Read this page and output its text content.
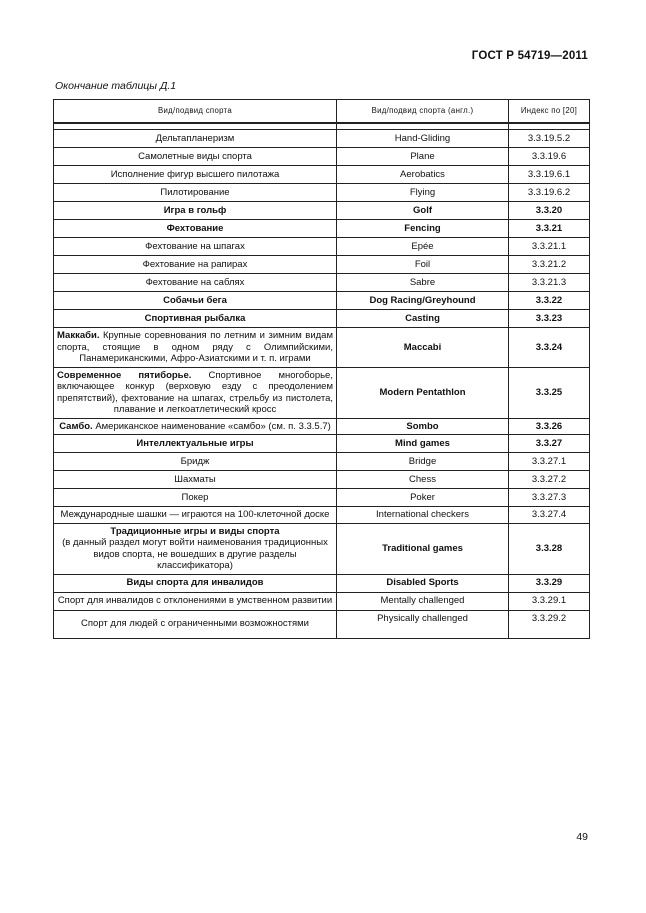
ГОСТ Р 54719—2011
Окончание таблицы Д.1
Вид/подвид спорта	Вид/подвид спорта (англ.)	Индекс по [20]

Дельтапланеризм	Hand-Gliding	3.3.19.5.2
Самолетные виды спорта	Plane	3.3.19.6
Исполнение фигур высшего пилотажа	Aerobatics	3.3.19.6.1
Пилотирование	Flying	3.3.19.6.2
Игра в гольф	Golf	3.3.20
Фехтование	Fencing	3.3.21
Фехтование на шпагах	Epée	3.3.21.1
Фехтование на рапирах	Foil	3.3.21.2
Фехтование на саблях	Sabre	3.3.21.3
Собачьи бега	Dog Racing/Greyhound	3.3.22
Спортивная рыбалка	Casting	3.3.23
Маккаби. Крупные соревнования по летним и зимним видам спорта, стоящие в одном ряду с Олимпийскими, Панамериканскими, Афро-Азиатскими и т. п. играми	Maccabi	3.3.24
Современное пятиборье. Спортивное многоборье, включающее конкур (верховую езду с преодолением препятствий), фехтование на шпагах, стрельбу из пистолета, плавание и легкоатлетический кросс	Modern Pentathlon	3.3.25
Самбо. Американское наименование «самбо» (см. п. 3.3.5.7)	Sombo	3.3.26
Интеллектуальные игры	Mind games	3.3.27
Бридж	Bridge	3.3.27.1
Шахматы	Chess	3.3.27.2
Покер	Poker	3.3.27.3
Международные шашки — играются на 100-клеточной доске	International checkers	3.3.27.4
Традиционные игры и виды спорта
(в данный раздел могут войти наименования традиционных видов спорта, не вошедших в другие разделы классификатора)	Traditional games	3.3.28
Виды спорта для инвалидов	Disabled Sports	3.3.29
Спорт для инвалидов с отклонениями в умственном развитии	Mentally challenged	3.3.29.1
Спорт для людей с ограниченными возможностями	Physically challenged	3.3.29.2
49
